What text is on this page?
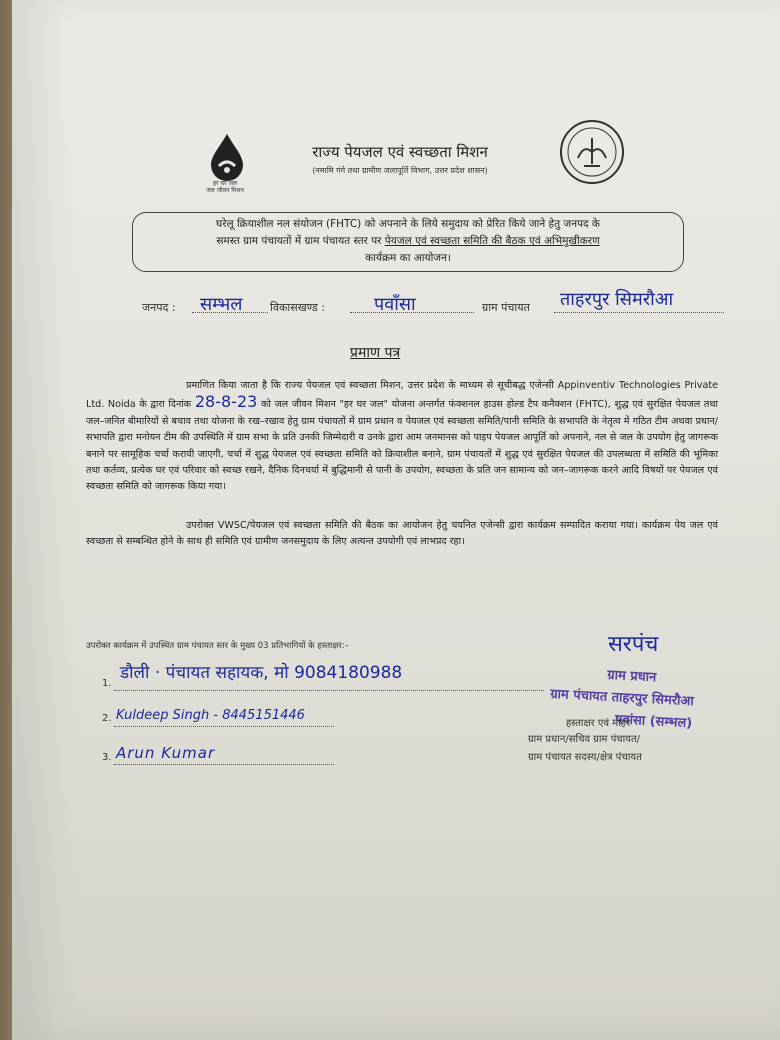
हर घर जल
जल जीवन मिशन
राज्य पेयजल एवं स्वच्छता मिशन
(नमामि गंगे तथा ग्रामीण जलापूर्ति विभाग, उत्तर प्रदेश शासन)
घरेलू क्रियाशील नल संयोजन (FHTC) को अपनाने के लिये समुदाय को प्रेरित किये जाने हेतु जनपद के
समस्त ग्राम पंचायतों में ग्राम पंचायत स्तर पर पेयजल एवं स्वच्छता समिति की बैठक एवं अभिमुखीकरण
कार्यक्रम का आयोजन।
जनपद : सम्भल	विकासखण्ड :	पवाँसा	ग्राम पंचायत ताहरपुर सिमरौआ
प्रमाण पत्र
प्रमाणित किया जाता है कि राज्य पेयजल एवं स्वच्छता मिशन, उत्तर प्रदेश के माध्यम से सूचीबद्ध एजेन्सी Appinventiv Technologies Private Ltd. Noida के द्वारा दिनांक 28-8-23 को जल जीवन मिशन "हर घर जल" योजना अन्तर्गत फंक्शनल हाउस होल्ड टैप कनैक्शन (FHTC), शुद्ध एवं सुरक्षित पेयजल तथा जल–जनित बीमारियों से बचाव तथा योजना के रख–रखाव हेतु ग्राम पंचायतों में ग्राम प्रधान व पेयजल एवं स्वच्छता समिति/पानी समिति के सभापति के नेतृत्व में गठित टीम अथवा प्रधान/सभापति द्वारा मनोयन टीम की उपस्थिति में ग्राम सभा के प्रति उनकी जिम्मेदारी व उनके द्वारा आम जनमानस को पाइप पेयजल आपूर्ति को अपनाने, नल से जल के उपयोग हेतु जागरूक बनाने पर सामूहिक चर्चा करायी जाएगी, चर्चा में शुद्ध पेयजल एवं स्वच्छता समिति को क्रियाशील बनाने, ग्राम पंचायतों में शुद्ध एवं सुरक्षित पेयजल की उपलब्धता में समिति की भूमिका तथा कर्तव्य, प्रत्येक घर एवं परिवार को स्वच्छ रखने, दैनिक दिनचर्या में बुद्धिमानी से पानी के उपयोग, स्वच्छता के प्रति जन सामान्य को जन–जागरूक करने आदि विषयों पर पेयजल एवं स्वच्छता समिति को जागरूक किया गया।
उपरोक्त VWSC/पेयजल एवं स्वच्छता समिति की बैठक का आयोजन हेतु चयनित एजेन्सी द्वारा कार्यक्रम सम्पादित कराया गया। कार्यक्रम पेय जल एवं स्वच्छता से सम्बन्धित होने के साथ ही समिति एवं ग्रामीण जनसमुदाय के लिए अत्यन्त उपयोगी एवं लाभप्रद रहा।
उपरोक्त कार्यक्रम में उपस्थित ग्राम पंचायत स्तर के मुख्य 03 प्रतिभागियों के हस्ताक्षर:–
1.
डौली · पंचायत सहायक, मो 9084180988
2. Kuldeep Singh - 8445151446
3. Arun Kumar
सरपंच
ग्राम प्रधान
ग्राम पंचायत ताहरपुर सिमरौआ
पवांसा (सम्भल)
हस्ताक्षर एवं मोहर
ग्राम प्रधान/सचिव ग्राम पंचायत/
ग्राम पंचायत सदस्य/क्षेत्र पंचायत
